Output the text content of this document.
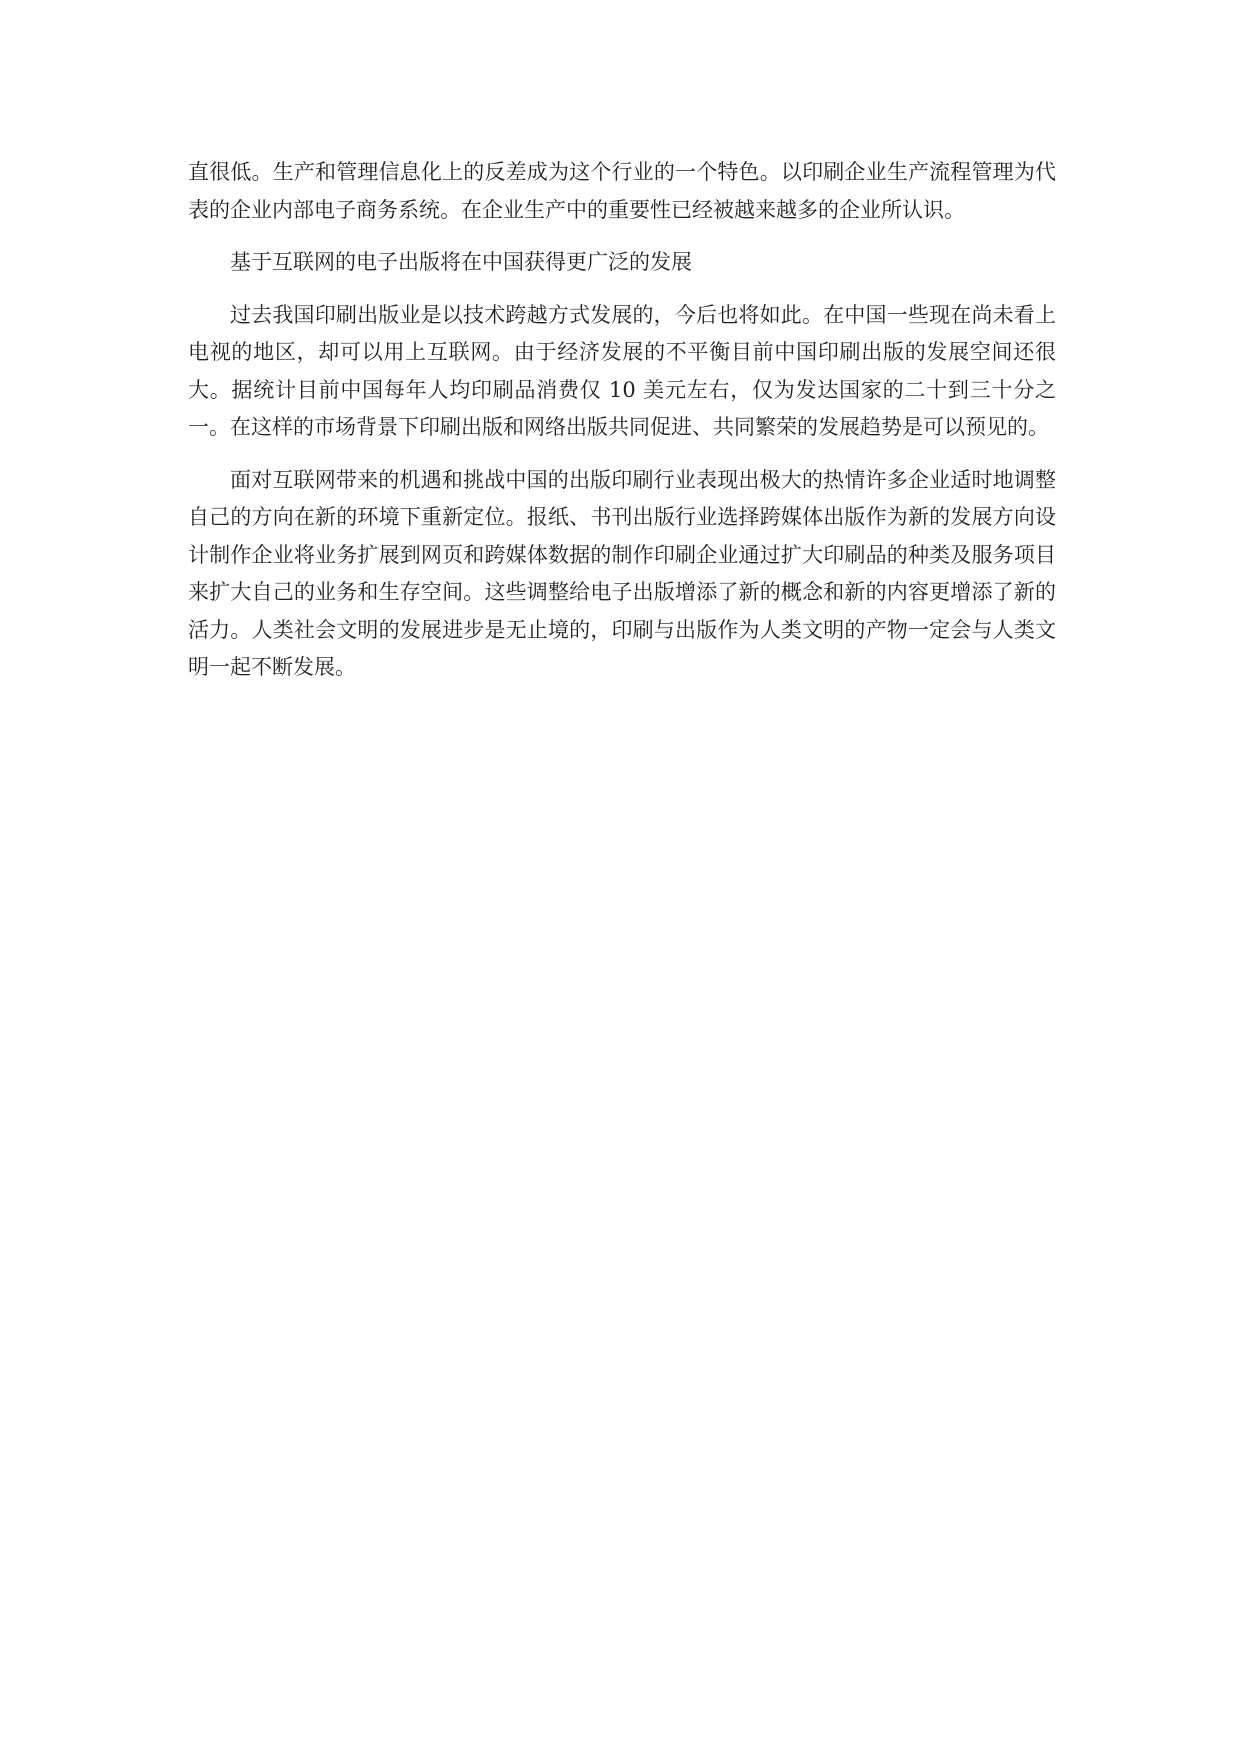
直很低。生产和管理信息化上的反差成为这个行业的一个特色。以印刷企业生产流程管理为代表的企业内部电子商务系统。在企业生产中的重要性已经被越来越多的企业所认识。

基于互联网的电子出版将在中国获得更广泛的发展

过去我国印刷出版业是以技术跨越方式发展的，今后也将如此。在中国一些现在尚未看上电视的地区，却可以用上互联网。由于经济发展的不平衡目前中国印刷出版的发展空间还很大。据统计目前中国每年人均印刷品消费仅 10 美元左右，仅为发达国家的二十到三十分之一。在这样的市场背景下印刷出版和网络出版共同促进、共同繁荣的发展趋势是可以预见的。

面对互联网带来的机遇和挑战中国的出版印刷行业表现出极大的热情许多企业适时地调整自己的方向在新的环境下重新定位。报纸、书刊出版行业选择跨媒体出版作为新的发展方向设计制作企业将业务扩展到网页和跨媒体数据的制作印刷企业通过扩大印刷品的种类及服务项目来扩大自己的业务和生存空间。这些调整给电子出版增添了新的概念和新的内容更增添了新的活力。人类社会文明的发展进步是无止境的，印刷与出版作为人类文明的产物一定会与人类文明一起不断发展。
